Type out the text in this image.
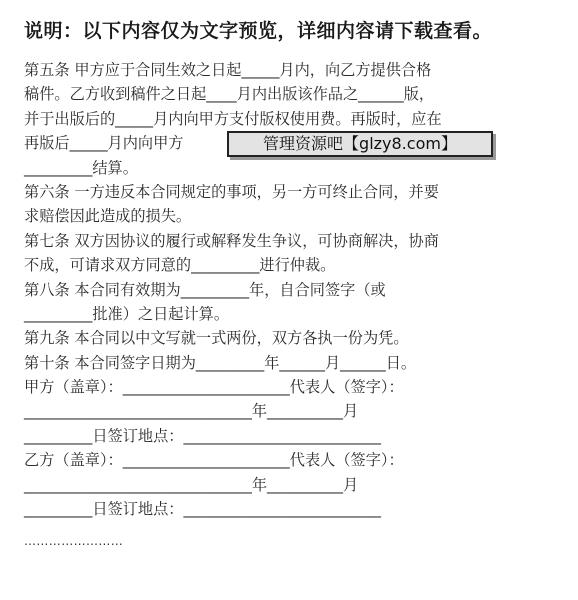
说明：以下内容仅为文字预览，详细内容请下载查看。
第五条 甲方应于合同生效之日起_____月内，向乙方提供合格
稿件。乙方收到稿件之日起____月内出版该作品之______版，
并于出版后的_____月内向甲方支付版权使用费。再版时，应在
再版后_____月内向甲方
_________结算。
第六条 一方违反本合同规定的事项，另一方可终止合同，并要
求赔偿因此造成的损失。
第七条 双方因协议的履行或解释发生争议，可协商解决，协商
不成，可请求双方同意的_________进行仲裁。
第八条 本合同有效期为_________年，自合同签字（或
_________批准）之日起计算。
第九条 本合同以中文写就一式两份，双方各执一份为凭。
第十条 本合同签字日期为_________年______月______日。
甲方（盖章）：______________________代表人（签字）：
______________________________年__________月
_________日签订地点：__________________________
乙方（盖章）：______________________代表人（签字）：
______________________________年__________月
_________日签订地点：__________________________
……………………
管理资源吧【glzy8.com】
